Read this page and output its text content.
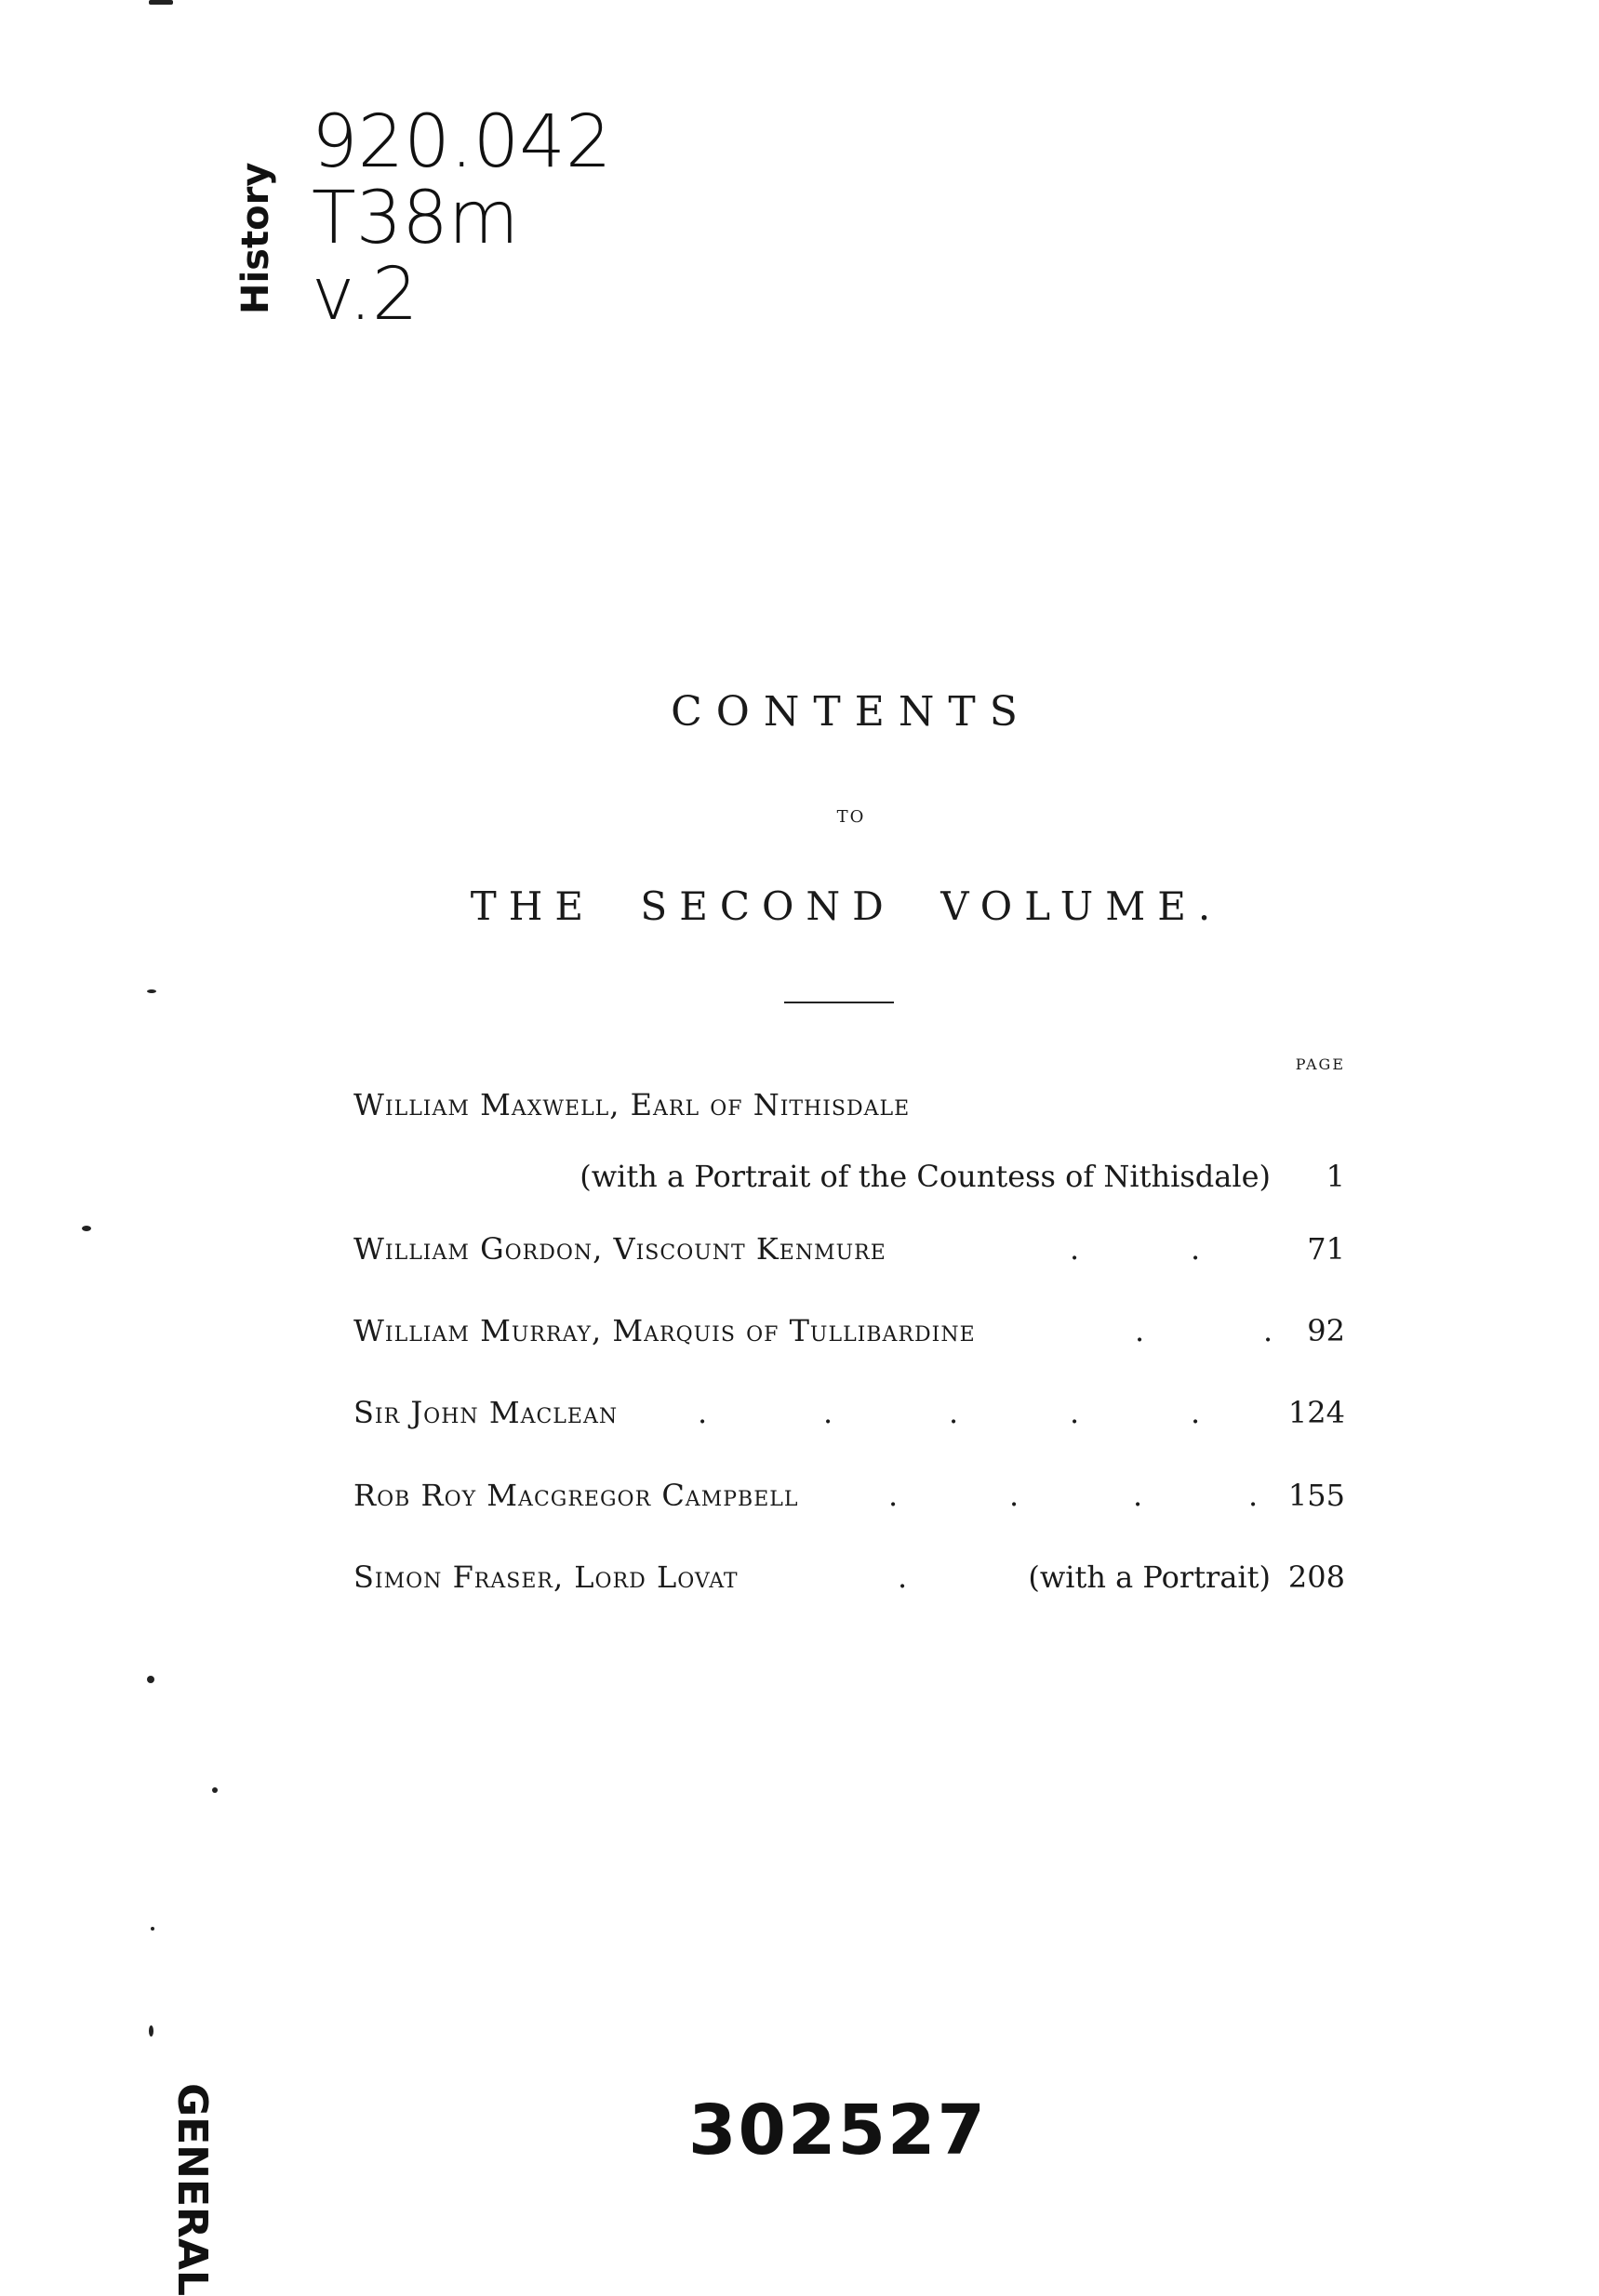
920.042
T38m
v.2
History
GENERAL
CONTENTS
TO
THE SECOND VOLUME.
PAGE
William Maxwell, Earl of Nithisdale
(with a Portrait of the Countess of Nithisdale) 1
William Gordon, Viscount Kenmure	.	.	71
William Murray, Marquis of Tullibardine	.	. 92
Sir John Maclean	.	.	.	.	.	124
Rob Roy Macgregor Campbell	.	.	.	. 155
Simon Fraser, Lord Lovat	.	(with a Portrait) 208
302527
